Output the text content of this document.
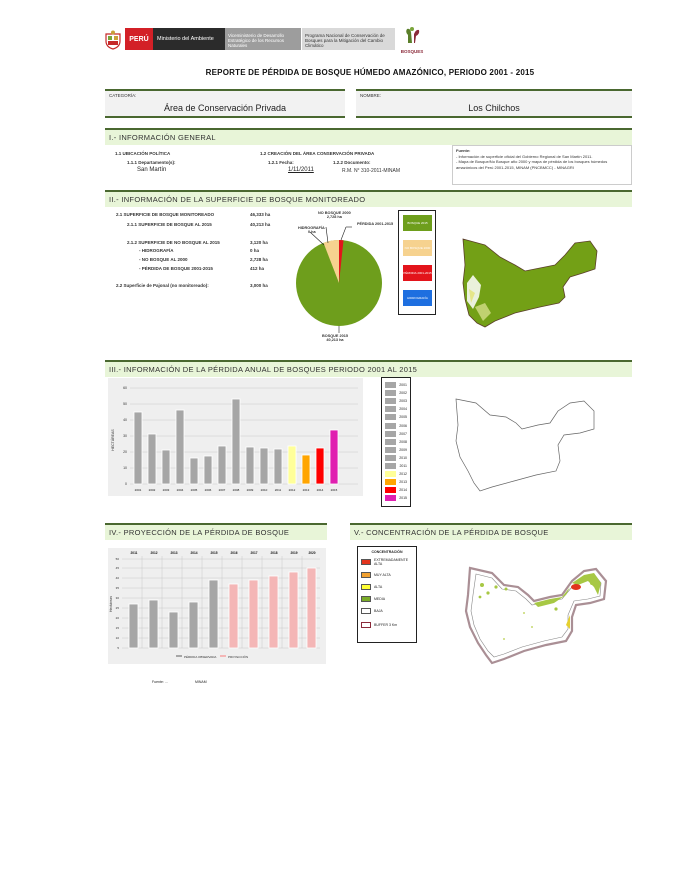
PERÚ	Ministerio del Ambiente
Viceministerio de Desarrollo Estratégico de los Recursos Naturales
Programa Nacional de Conservación de Bosques para la Mitigación del Cambio Climático
BOSQUES
REPORTE DE PÉRDIDA DE BOSQUE HÚMEDO AMAZÓNICO, PERIODO 2001 - 2015
CATEGORÍA:
Área de Conservación Privada
NOMBRE:
Los Chilchos
I.- INFORMACIÓN GENERAL
1.1 UBICACIÓN POLÍTICA
1.1.1 Departamento(s):
San Martín
1.2 CREACIÓN DEL ÁREA CONSERVACIÓN PRIVADA
1.2.1 Fecha:
1/11/2011
1.2.2 Documento:
R.M. N° 310-2011-MINAM
Fuente:
- Información de superficie oficial del Gobierno Regional de San Martín 2011.
- Mapa de Bosque/No Bosque año 2000 y mapa de pérdida de los bosques húmedos amazónicos del Perú 2001-2015, MINAM (PNCBMCC) - MINAGRI
II.- INFORMACIÓN DE LA SUPERFICIE DE BOSQUE MONITOREADO
2.1 SUPERFICIE DE BOSQUE MONITOREADO	46,333 ha
2.1.1 SUPERFICIE DE BOSQUE AL 2015	40,213 ha
2.1.2 SUPERFICIE DE NO BOSQUE AL 2015	3,120 ha
- HIDROGRAFÍA	0 ha
- NO BOSQUE AL 2000	2,728 ha
- PÉRDIDA DE BOSQUE 2001-2015	412 ha
2.2 Superficie de Pajonal (no monitoreado):	3,000 ha
NO BOSQUE 2000
2,728 ha
HIDROGRAFÍA
0 ha
PÉRDIDA 2001-2015
BOSQUE 2015
40,213 ha
BOSQUE 2015
NO BOSQUE 2000
PÉRDIDA 2001-2015
HIDROGRAFÍA
III.- INFORMACIÓN DE LA PÉRDIDA ANUAL DE BOSQUES PERIODO 2001 AL 2015
60
50
40
30
20
10
0
HECTÁREAS
2001 2002 2003 2004 2005 2006 2007 2008 2009 2010 2011 2012 2013 2014 2015
2001
2002
2003
2004
2005
2006
2007
2008
2009
2010
2011
2012
2013
2014
2015
IV.- PROYECCIÓN DE LA PÉRDIDA DE BOSQUE
50
45
40
35
30
25
20
15
10
5
2011	2012	2013	2014	2015	2016	2017	2018	2019	2020
Hectáreas
PÉRDIDA OBSERVADA	PROYECCIÓN
V.- CONCENTRACIÓN DE LA PÉRDIDA DE BOSQUE
CONCENTRACIÓN
EXTREMADAMENTE ALTA
MUY ALTA
ALTA
MEDIA
BAJA
BUFFER 3 Km
Fuente: ...	MINAM
